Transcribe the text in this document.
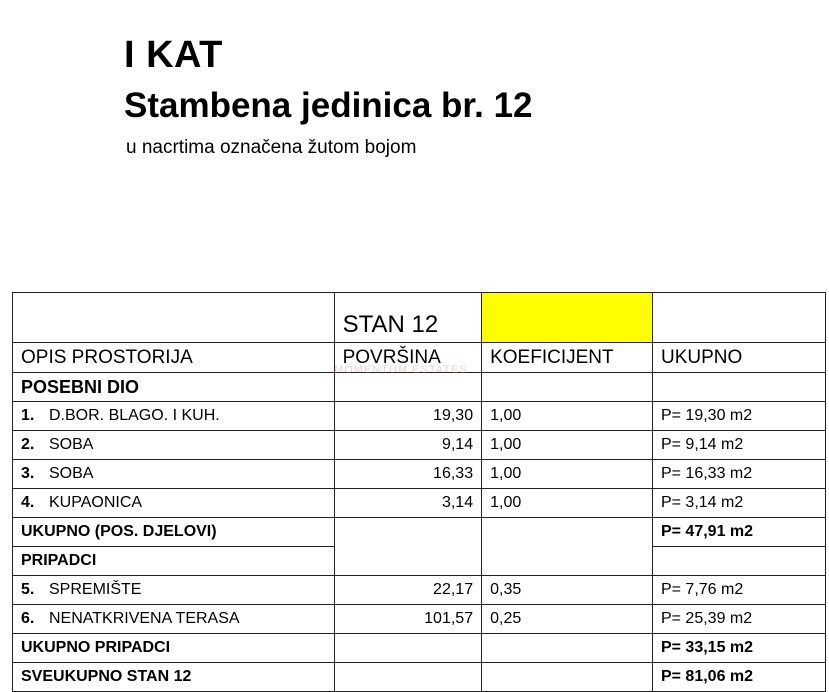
I KAT
Stambena jedinica br. 12
u nacrtima označena žutom bojom
	STAN 12		
OPIS PROSTORIJA	POVRŠINA	KOEFICIJENT	UKUPNO
POSEBNI DIO			
1. D.BOR. BLAGO. I KUH.	19,30	1,00	P= 19,30 m2
2. SOBA	9,14	1,00	P= 9,14 m2
3. SOBA	16,33	1,00	P= 16,33 m2
4. KUPAONICA	3,14	1,00	P= 3,14 m2
UKUPNO (POS. DJELOVI)			P= 47,91 m2
PRIPADCI			
5. SPREMIŠTE	22,17	0,35	P= 7,76 m2
6. NENATKRIVENA TERASA	101,57	0,25	P= 25,39 m2
UKUPNO PRIPADCI			P= 33,15 m2
SVEUKUPNO STAN 12			P= 81,06 m2
MOMENTUM ESTATES
